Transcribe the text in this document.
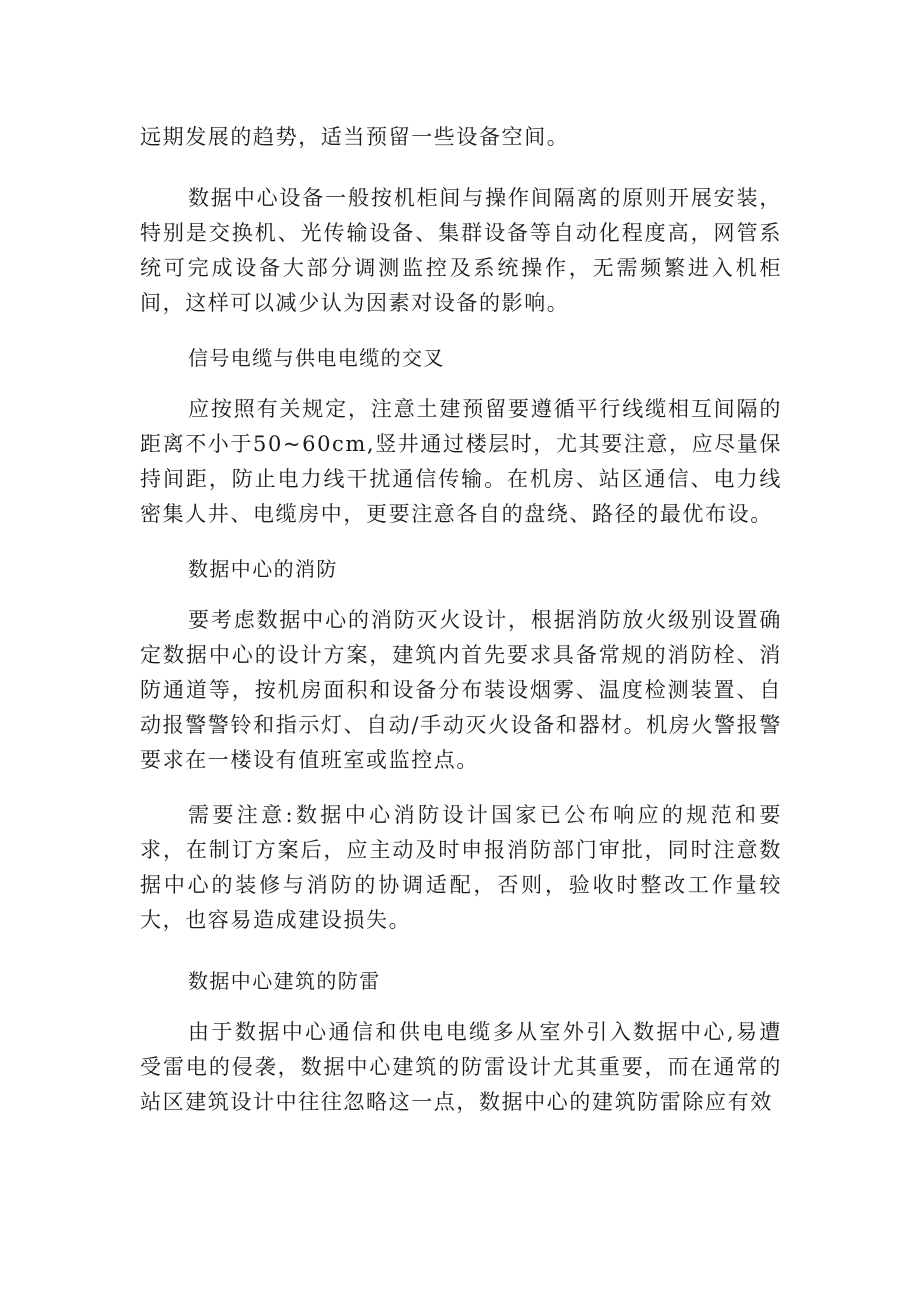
远期发展的趋势，适当预留一些设备空间。

数据中心设备一般按机柜间与操作间隔离的原则开展安装，特别是交换机、光传输设备、集群设备等自动化程度高，网管系统可完成设备大部分调测监控及系统操作，无需频繁进入机柜间，这样可以减少认为因素对设备的影响。

信号电缆与供电电缆的交叉

应按照有关规定，注意土建预留要遵循平行线缆相互间隔的距离不小于50~60cm,竖井通过楼层时，尤其要注意，应尽量保持间距，防止电力线干扰通信传输。在机房、站区通信、电力线密集人井、电缆房中，更要注意各自的盘绕、路径的最优布设。

数据中心的消防

要考虑数据中心的消防灭火设计，根据消防放火级别设置确定数据中心的设计方案，建筑内首先要求具备常规的消防栓、消防通道等，按机房面积和设备分布装设烟雾、温度检测装置、自动报警警铃和指示灯、自动/手动灭火设备和器材。机房火警报警要求在一楼设有值班室或监控点。

需要注意:数据中心消防设计国家已公布响应的规范和要求，在制订方案后，应主动及时申报消防部门审批，同时注意数据中心的装修与消防的协调适配，否则，验收时整改工作量较大，也容易造成建设损失。

数据中心建筑的防雷

由于数据中心通信和供电电缆多从室外引入数据中心,易遭受雷电的侵袭，数据中心建筑的防雷设计尤其重要，而在通常的站区建筑设计中往往忽略这一点，数据中心的建筑防雷除应有效
